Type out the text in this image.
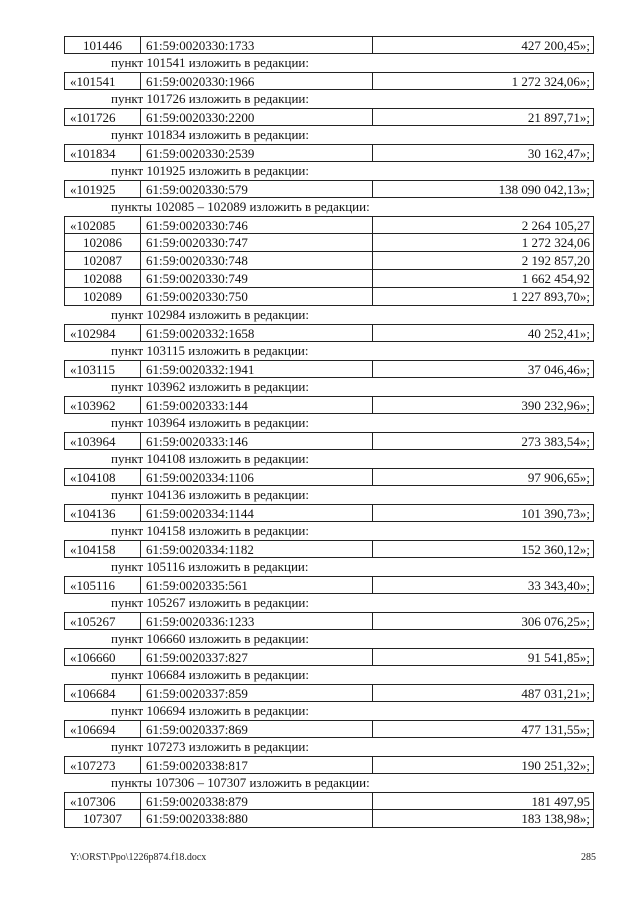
101446	61:59:0020330:1733	427 200,45»;
пункт 101541 изложить в редакции:
«101541	61:59:0020330:1966	1 272 324,06»;
пункт 101726 изложить в редакции:
«101726	61:59:0020330:2200	21 897,71»;
пункт 101834 изложить в редакции:
«101834	61:59:0020330:2539	30 162,47»;
пункт 101925 изложить в редакции:
«101925	61:59:0020330:579	138 090 042,13»;
пункты 102085 – 102089 изложить в редакции:
«102085	61:59:0020330:746	2 264 105,27
102086	61:59:0020330:747	1 272 324,06
102087	61:59:0020330:748	2 192 857,20
102088	61:59:0020330:749	1 662 454,92
102089	61:59:0020330:750	1 227 893,70»;
пункт 102984 изложить в редакции:
«102984	61:59:0020332:1658	40 252,41»;
пункт 103115 изложить в редакции:
«103115	61:59:0020332:1941	37 046,46»;
пункт 103962 изложить в редакции:
«103962	61:59:0020333:144	390 232,96»;
пункт 103964 изложить в редакции:
«103964	61:59:0020333:146	273 383,54»;
пункт 104108 изложить в редакции:
«104108	61:59:0020334:1106	97 906,65»;
пункт 104136 изложить в редакции:
«104136	61:59:0020334:1144	101 390,73»;
пункт 104158 изложить в редакции:
«104158	61:59:0020334:1182	152 360,12»;
пункт 105116 изложить в редакции:
«105116	61:59:0020335:561	33 343,40»;
пункт 105267 изложить в редакции:
«105267	61:59:0020336:1233	306 076,25»;
пункт 106660 изложить в редакции:
«106660	61:59:0020337:827	91 541,85»;
пункт 106684 изложить в редакции:
«106684	61:59:0020337:859	487 031,21»;
пункт 106694 изложить в редакции:
«106694	61:59:0020337:869	477 131,55»;
пункт 107273 изложить в редакции:
«107273	61:59:0020338:817	190 251,32»;
пункты 107306 – 107307 изложить в редакции:
«107306	61:59:0020338:879	181 497,95
107307	61:59:0020338:880	183 138,98»;
Y:\ORST\Ppo\1226p874.f18.docx	285
